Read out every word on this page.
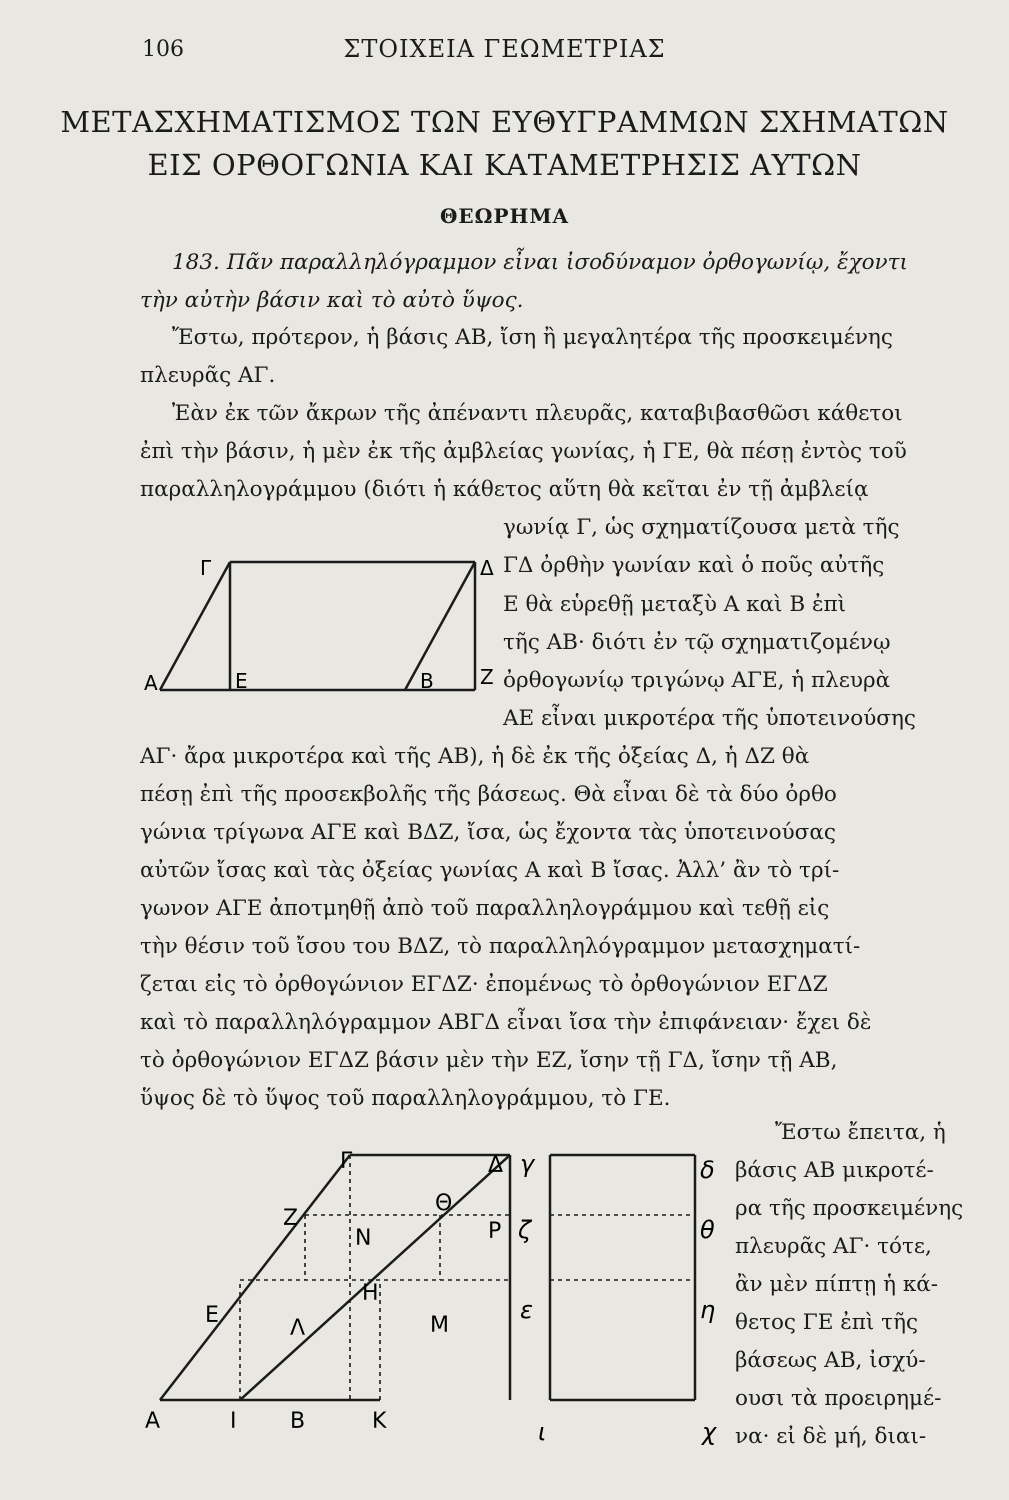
106	ΣΤΟΙΧΕΙΑ ΓΕΩΜΕΤΡΙΑΣ
ΜΕΤΑΣΧΗΜΑΤΙΣΜΟΣ ΤΩΝ ΕΥΘΥΓΡΑΜΜΩΝ ΣΧΗΜΑΤΩΝ
ΕΙΣ ΟΡΘΟΓΩΝΙΑ ΚΑΙ ΚΑΤΑΜΕΤΡΗΣΙΣ ΑΥΤΩΝ
ΘΕΩΡΗΜΑ
183. Πᾶν παραλληλόγραμμον εἶναι ἰσοδύναμον ὀρθογωνίῳ, ἔχοντι
τὴν αὐτὴν βάσιν καὶ τὸ αὐτὸ ὕψος.
Ἔστω, πρότερον, ἡ βάσις ΑΒ, ἴση ἢ μεγαλητέρα τῆς προσκειμένης
πλευρᾶς ΑΓ.
Ἐὰν ἐκ τῶν ἄκρων τῆς ἀπέναντι πλευρᾶς, καταβιβασθῶσι κάθετοι
ἐπὶ τὴν βάσιν, ἡ μὲν ἐκ τῆς ἀμβλείας γωνίας, ἡ ΓΕ, θὰ πέσῃ ἐντὸς τοῦ
παραλληλογράμμου (διότι ἡ κάθετος αὕτη θὰ κεῖται ἐν τῇ ἀμβλείᾳ
γωνίᾳ Γ, ὡς σχηματίζουσα μετὰ τῆς
ΓΔ ὀρθὴν γωνίαν καὶ ὁ ποῦς αὐτῆς
Ε θὰ εὑρεθῇ μεταξὺ Α καὶ Β ἐπὶ
τῆς ΑΒ· διότι ἐν τῷ σχηματιζομένῳ
ὀρθογωνίῳ τριγώνῳ ΑΓΕ, ἡ πλευρὰ
ΑΕ εἶναι μικροτέρα τῆς ὑποτεινούσης
ΑΓ· ἄρα μικροτέρα καὶ τῆς ΑΒ), ἡ δὲ ἐκ τῆς ὀξείας Δ, ἡ ΔΖ θὰ
πέσῃ ἐπὶ τῆς προσεκβολῆς τῆς βάσεως. Θὰ εἶναι δὲ τὰ δύο ὀρθο
γώνια τρίγωνα ΑΓΕ καὶ ΒΔΖ, ἴσα, ὡς ἔχοντα τὰς ὑποτεινούσας
αὐτῶν ἴσας καὶ τὰς ὀξείας γωνίας Α καὶ Β ἴσας. Ἀλλ’ ἂν τὸ τρί-
γωνον ΑΓΕ ἀποτμηθῇ ἀπὸ τοῦ παραλληλογράμμου καὶ τεθῇ εἰς
τὴν θέσιν τοῦ ἴσου του ΒΔΖ, τὸ παραλληλόγραμμον μετασχηματί-
ζεται εἰς τὸ ὀρθογώνιον ΕΓΔΖ· ἐπομένως τὸ ὀρθογώνιον ΕΓΔΖ
καὶ τὸ παραλληλόγραμμον ΑΒΓΔ εἶναι ἴσα τὴν ἐπιφάνειαν· ἔχει δὲ
τὸ ὀρθογώνιον ΕΓΔΖ βάσιν μὲν τὴν ΕΖ, ἴσην τῇ ΓΔ, ἴσην τῇ ΑΒ,
ὕψος δὲ τὸ ὕψος τοῦ παραλληλογράμμου, τὸ ΓΕ.
Ἔστω ἔπειτα, ἡ
βάσις ΑΒ μικροτέ-
ρα τῆς προσκειμένης
πλευρᾶς ΑΓ· τότε,
ἂν μὲν πίπτῃ ἡ κά-
θετος ΓΕ ἐπὶ τῆς
βάσεως ΑΒ, ἰσχύ-
ουσι τὰ προειρημέ-
να· εἰ δὲ μή, διαι-
Γ	Δ
Α	Ε	Β Ζ
Γ	Δ
Ζ
Ν
Θ
Ε
Η
Λ	Μ
Α	Ι Β	Κ
γ
Ρ ζ
ε
ι
δ
θ
η
χ
